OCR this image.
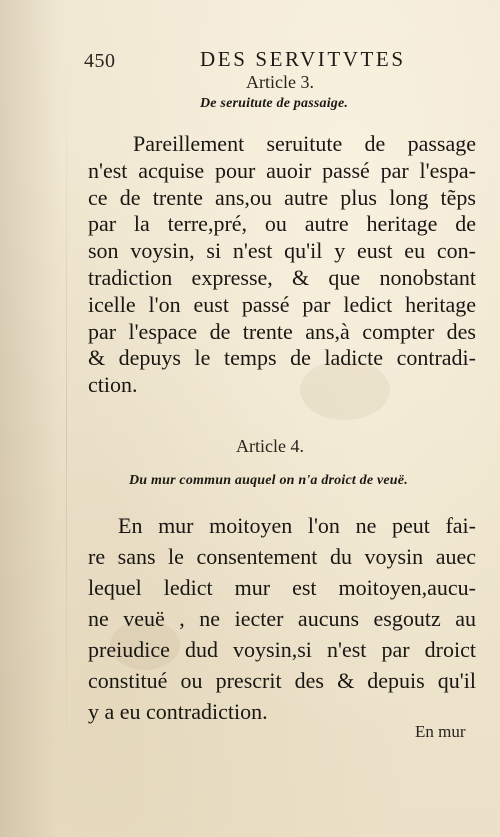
450	DES SERVITVTES
Article 3.
De seruitute de passaige.
Pareillement seruitute de passage
n'est acquise pour auoir passé par l'espa-
ce de trente ans,ou autre plus long tẽps
par la terre,pré, ou autre heritage de
son voysin, si n'est qu'il y eust eu con-
tradiction expresse, & que nonobstant
icelle l'on eust passé par ledict heritage
par l'espace de trente ans,à compter des
& depuys le temps de ladicte contradi-
ction.
Article 4.
Du mur commun auquel on n'a droict de veuë.
En mur moitoyen l'on ne peut fai-
re sans le consentement du voysin auec
lequel ledict mur est moitoyen,aucu-
ne veuë , ne iecter aucuns esgoutz au
preiudice dud voysin,si n'est par droict
constitué ou prescrit des & depuis qu'il
y a eu contradiction.
En mur
